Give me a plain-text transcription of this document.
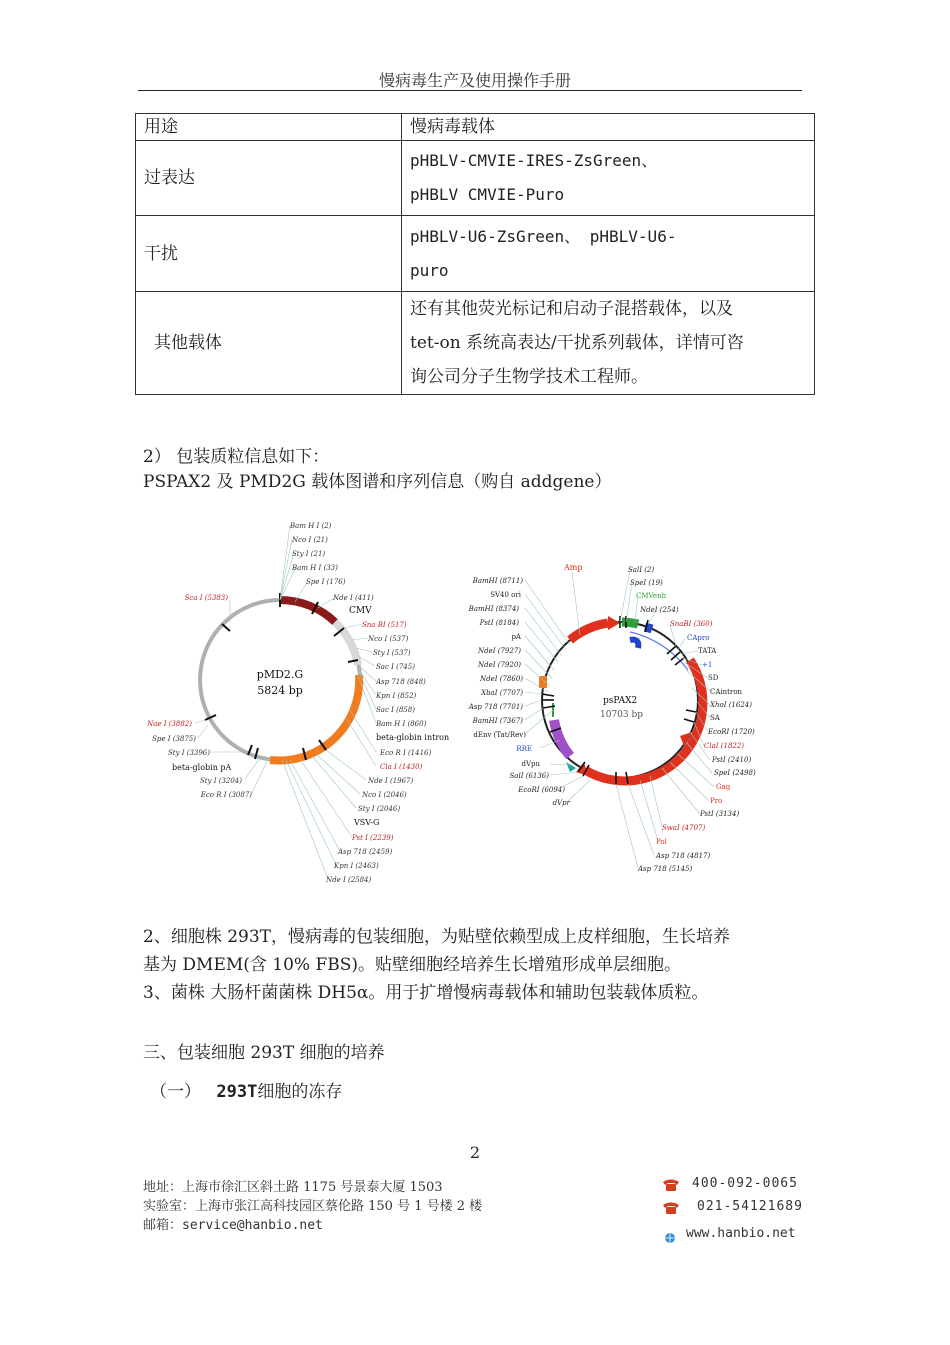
慢病毒生产及使用操作手册
用途	慢病毒载体
过表达	pHBLV-CMVIE-IRES-ZsGreen、
pHBLV CMVIE-Puro

干扰	pHBLV-U6-ZsGreen、 pHBLV-U6-
puro

其他载体	还有其他荧光标记和启动子混搭载体，以及
tet-on 系统高表达/干扰系列载体，详情可咨
询公司分子生物学技术工程师。
2） 包装质粒信息如下：
PSPAX2 及 PMD2G 载体图谱和序列信息（购自 addgene）
pMD2.G
5824 bp
CMV
beta-globin intron
VSV-G
beta-globin pA
Bam H I (2)
Nco I (21)
Sty I (21)
Bam H I (33)
Spe I (176)
Nde I (411)
Sna BI (517)
Nco I (537)
Sty I (537)
Sac I (745)
Asp 718 (848)
Kpn I (852)
Sac I (858)
Bam H I (860)
Eco R I (1416)
Cla I (1430)
Nde I (1967)
Nco I (2046)
Sty I (2046)
Pst I (2239)
Asp 718 (2459)
Kpn I (2463)
Nde I (2584)
Sca I (5383)
Nae I (3882)
Spe I (3875)
Sty I (3396)
Sty I (3204)
Eco R I (3087)
psPAX2
10703 bp
Amp	SalI (2)
SpeI (19)
CMVenh
NdeI (254)
SnaBI (360)
CApro
TATA
+1
SD
CAintron
XhoI (1624)
SA
EcoRI (1720)
ClaI (1822)
PstI (2410)
SpeI (2498)
Gag
Pro
PstI (3134)
SwaI (4707)
Pol
Asp 718 (4817)
Asp 718 (5145)
BamHI (8711)
SV40 ori
BamHI (8374)
PstI (8184)
pA
NdeI (7927)
NdeI (7920)
NdeI (7860)
XbaI (7707)
Asp 718 (7701)
BamHI (7367)
dEnv (Tat/Rev)
RRE
dVpu
SalI (6136)
EcoRI (6094)
dVpr
2、细胞株 293T，慢病毒的包装细胞，为贴壁依赖型成上皮样细胞，生长培养
基为 DMEM(含 10% FBS)。贴壁细胞经培养生长增殖形成单层细胞。
3、菌株 大肠杆菌菌株 DH5α。用于扩增慢病毒载体和辅助包装载体质粒。
三、包装细胞 293T 细胞的培养
（一） 293T细胞的冻存
2
地址：上海市徐汇区斜土路 1175 号景泰大厦 1503
实验室：上海市张江高科技园区蔡伦路 150 号 1 号楼 2 楼
邮箱：service@hanbio.net
400-092-0065
021-54121689
www.hanbio.net
